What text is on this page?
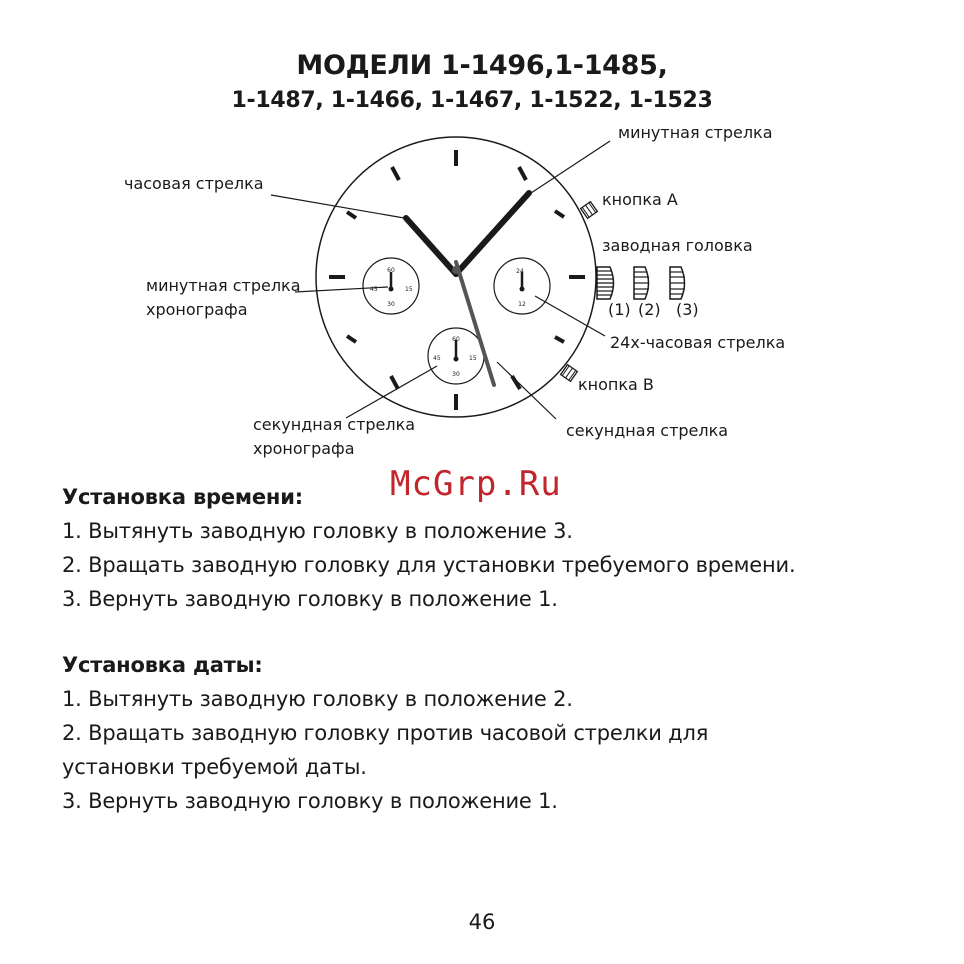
МОДЕЛИ 1-1496,1-1485,
1-1487, 1-1466, 1-1467, 1-1522, 1-1523
60
45	15
30
24
12
60
45	15
30
часовая стрелка
минутная стрелка
кнопка А
заводная головка
(1) (2) (3)
24х-часовая стрелка
кнопка В
секундная стрелка
минутная стрелка
хронографа
секундная стрелка
хронографа
McGrp.Ru
Установка времени:

1. Вытянуть заводную головку в положение 3.

2. Вращать заводную головку для установки требуемого времени.

3. Вернуть заводную головку в положение 1.

Установка даты:

1. Вытянуть заводную головку в положение 2.

2. Вращать заводную головку против часовой стрелки для

установки требуемой даты.

3. Вернуть заводную головку в положение 1.

46
